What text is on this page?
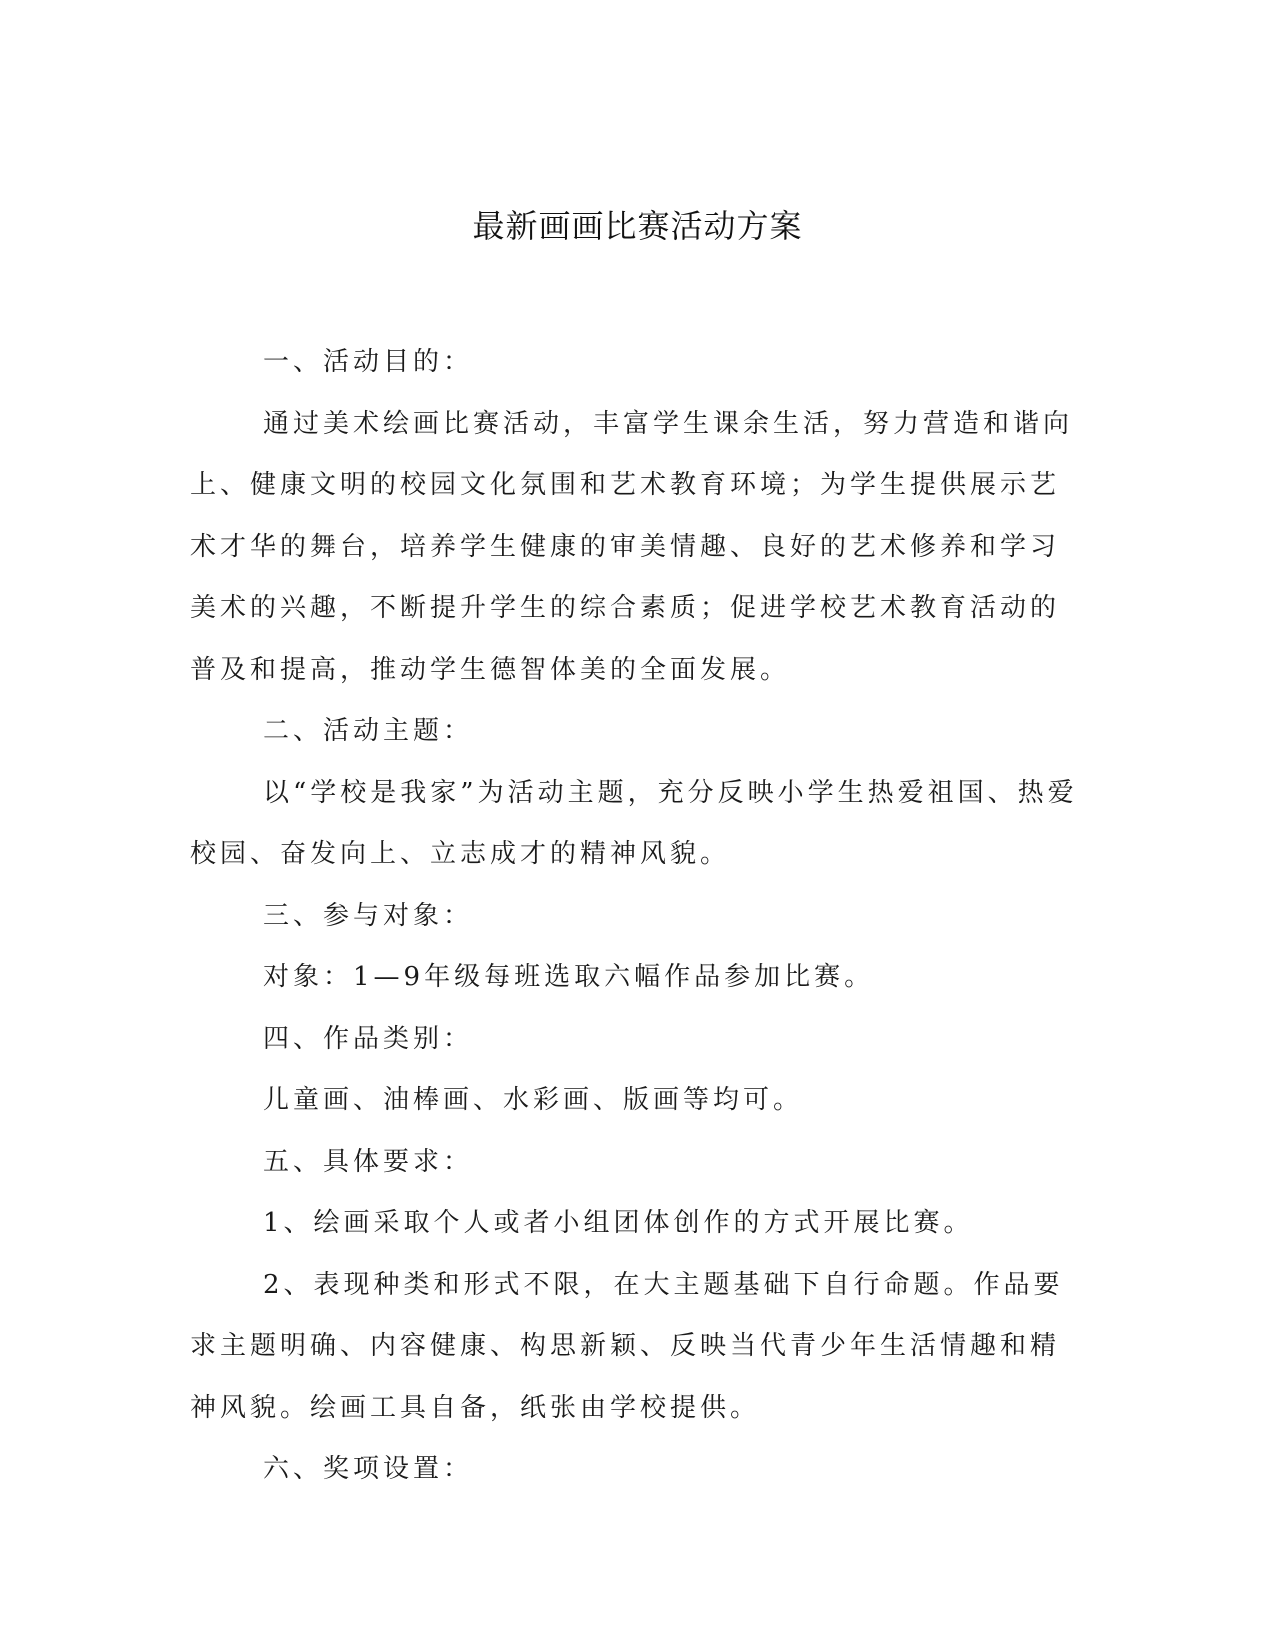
最新画画比赛活动方案

一、活动目的：

通过美术绘画比赛活动，丰富学生课余生活，努力营造和谐向上、健康文明的校园文化氛围和艺术教育环境；为学生提供展示艺术才华的舞台，培养学生健康的审美情趣、良好的艺术修养和学习美术的兴趣，不断提升学生的综合素质；促进学校艺术教育活动的普及和提高，推动学生德智体美的全面发展。

二、活动主题：

以“学校是我家”为活动主题，充分反映小学生热爱祖国、热爱校园、奋发向上、立志成才的精神风貌。

三、参与对象：

对象：1—9年级每班选取六幅作品参加比赛。

四、作品类别：

儿童画、油棒画、水彩画、版画等均可。

五、具体要求：

1、绘画采取个人或者小组团体创作的方式开展比赛。

2、表现种类和形式不限，在大主题基础下自行命题。作品要求主题明确、内容健康、构思新颖、反映当代青少年生活情趣和精神风貌。绘画工具自备，纸张由学校提供。

六、奖项设置：
